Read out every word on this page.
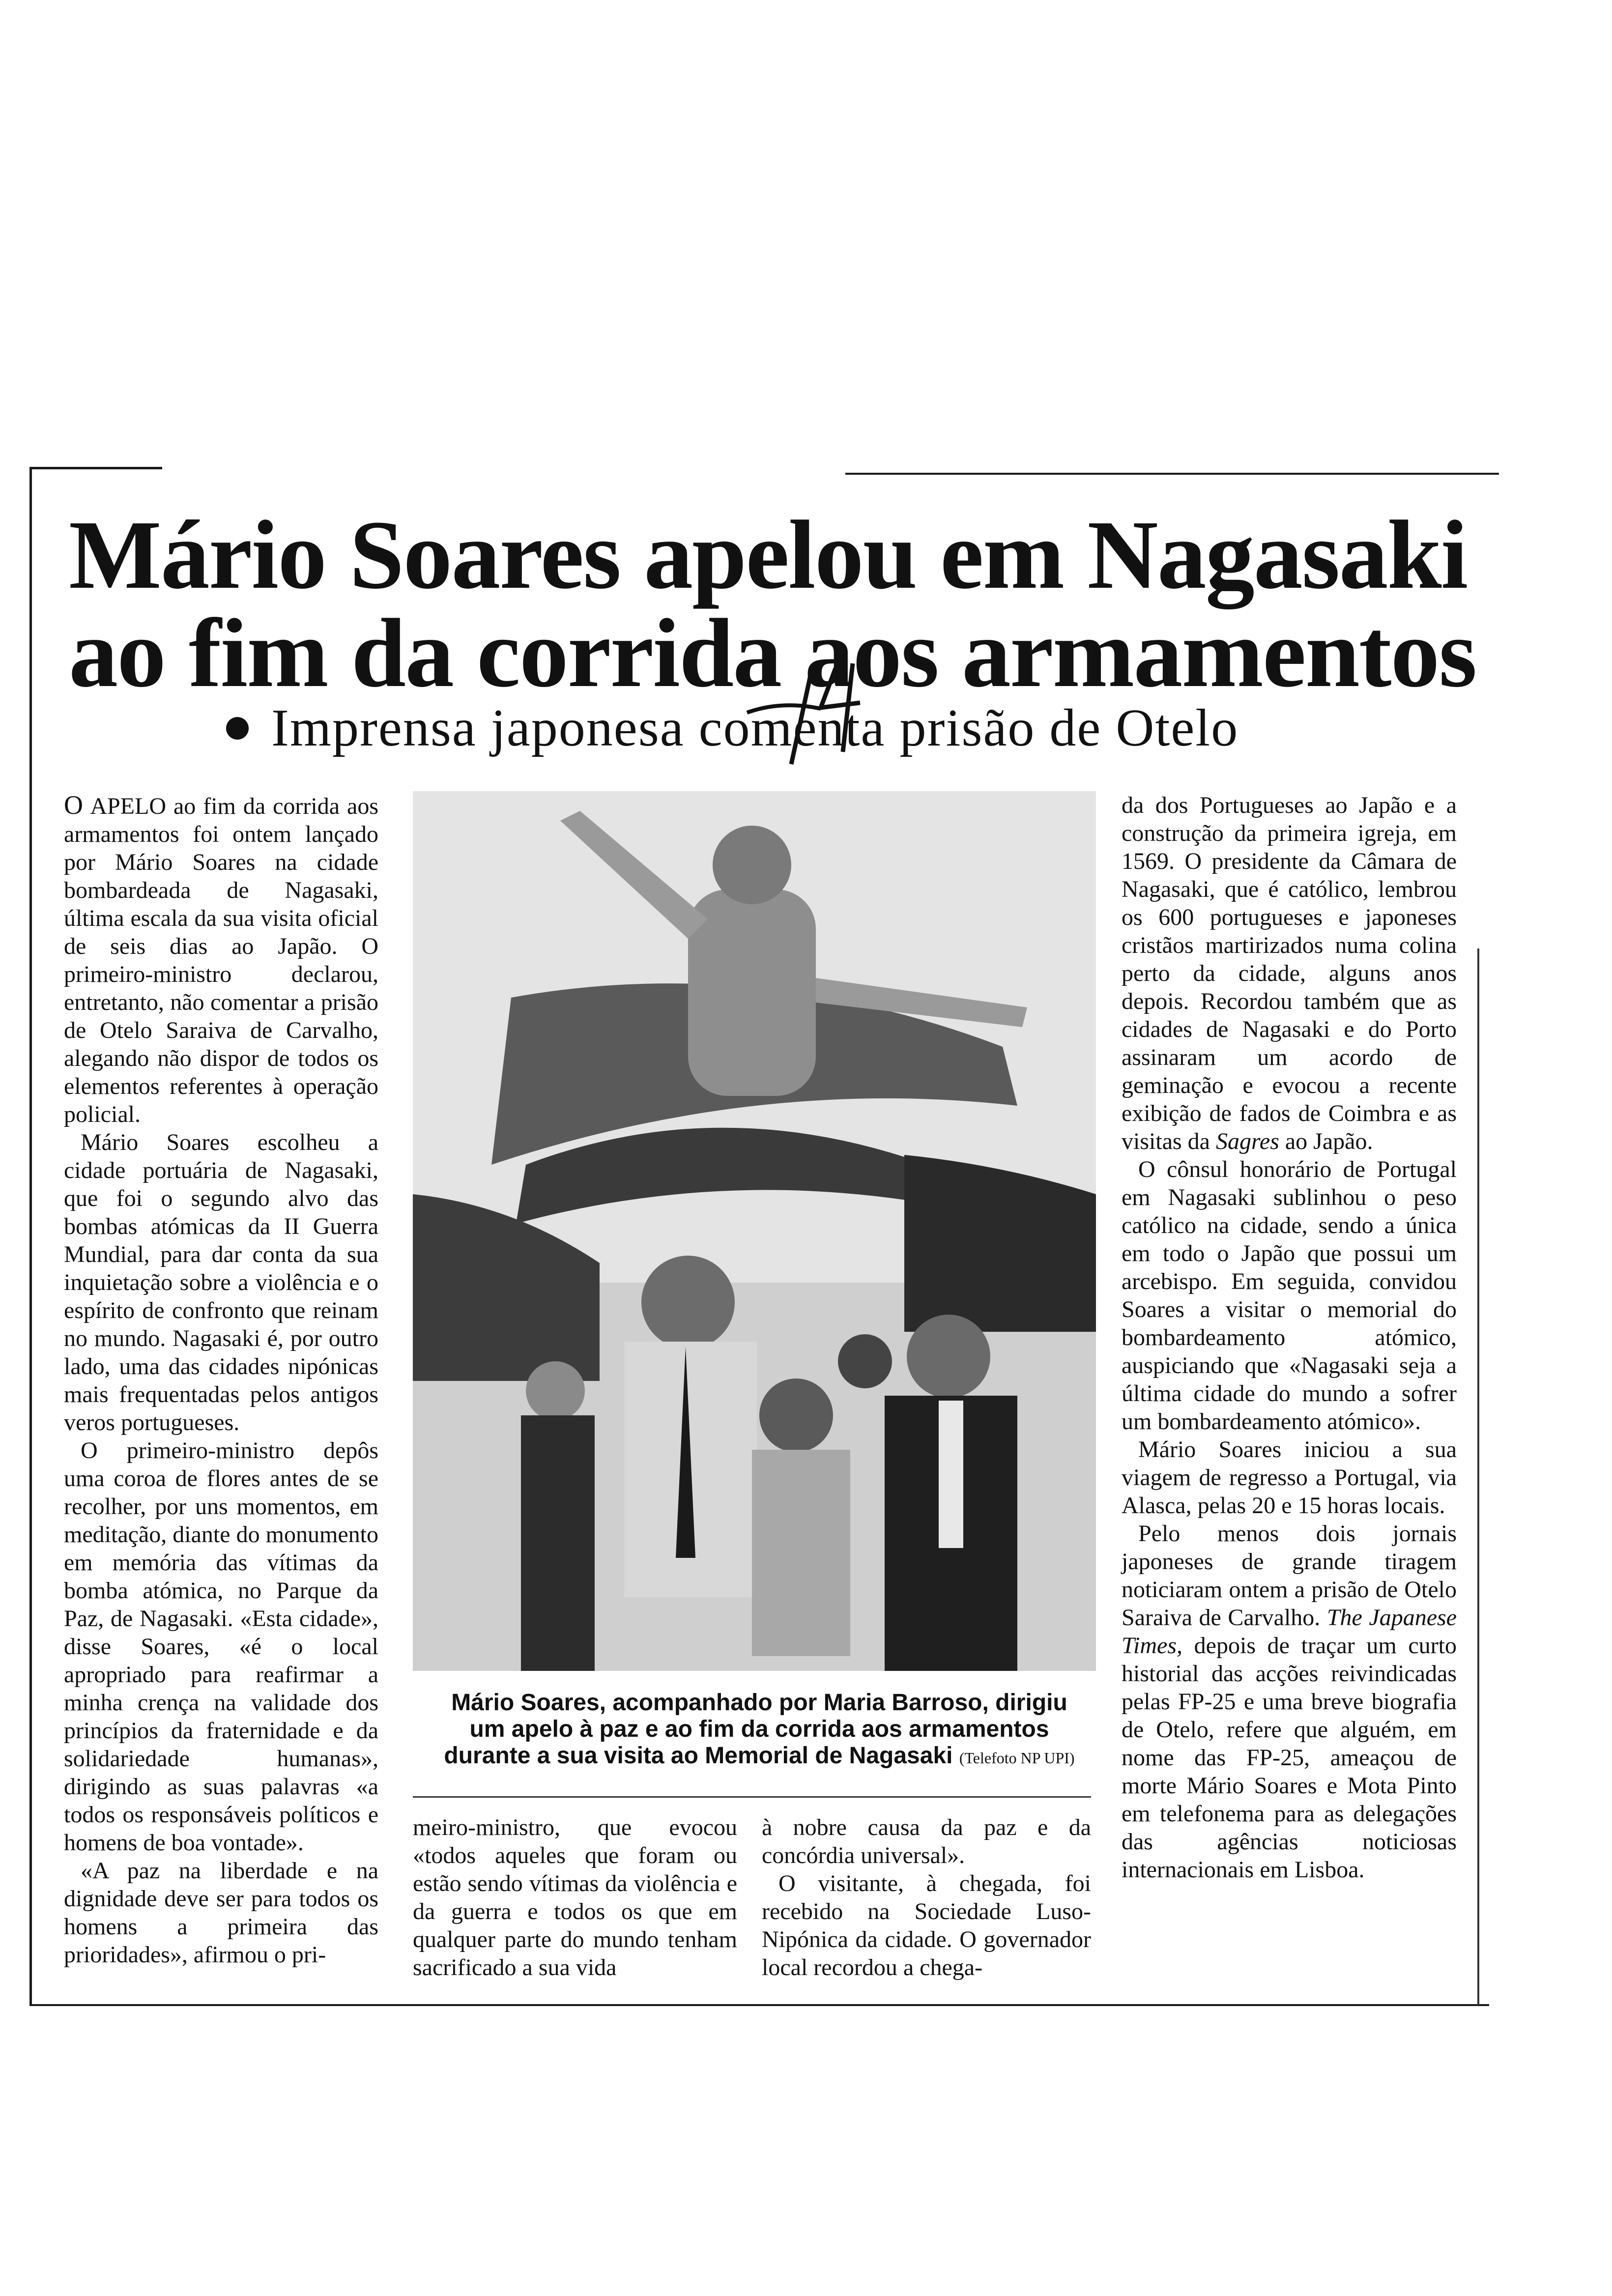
Mário Soares apelou em Nagasaki
ao fim da corrida aos armamentos

Imprensa japonesa comenta prisão de Otelo

O APELO ao fim da corrida aos armamentos foi ontem lançado por Mário Soares na cidade bombardeada de Nagasaki, última escala da sua visita oficial de seis dias ao Japão. O primeiro-ministro declarou, entretanto, não comentar a prisão de Otelo Saraiva de Carvalho, alegando não dispor de todos os elementos referentes à operação policial.

Mário Soares escolheu a cidade portuária de Nagasaki, que foi o segundo alvo das bombas atómicas da II Guerra Mundial, para dar conta da sua inquietação sobre a violência e o espírito de confronto que reinam no mundo. Nagasaki é, por outro lado, uma das cidades nipónicas mais frequentadas pelos antigos veros portugueses.

O primeiro-ministro depôs uma coroa de flores antes de se recolher, por uns momentos, em meditação, diante do monumento em memória das vítimas da bomba atómica, no Parque da Paz, de Nagasaki. «Esta cidade», disse Soares, «é o local apropriado para reafirmar a minha crença na validade dos princípios da fraternidade e da solidariedade humanas», dirigindo as suas palavras «a todos os responsáveis políticos e homens de boa vontade».

«A paz na liberdade e na dignidade deve ser para todos os homens a primeira das prioridades», afirmou o pri-

Mário Soares, acompanhado por Maria Barroso, dirigiu um apelo à paz e ao fim da corrida aos armamentos durante a sua visita ao Memorial de Nagasaki (Telefoto NP UPI)

meiro-ministro, que evocou «todos aqueles que foram ou estão sendo vítimas da violência e da guerra e todos os que em qualquer parte do mundo tenham sacrificado a sua vida

à nobre causa da paz e da concórdia universal».

O visitante, à chegada, foi recebido na Sociedade Luso-Nipónica da cidade. O governador local recordou a chega-

da dos Portugueses ao Japão e a construção da primeira igreja, em 1569. O presidente da Câmara de Nagasaki, que é católico, lembrou os 600 portugueses e japoneses cristãos martirizados numa colina perto da cidade, alguns anos depois. Recordou também que as cidades de Nagasaki e do Porto assinaram um acordo de geminação e evocou a recente exibição de fados de Coimbra e as visitas da Sagres ao Japão.

O cônsul honorário de Portugal em Nagasaki sublinhou o peso católico na cidade, sendo a única em todo o Japão que possui um arcebispo. Em seguida, convidou Soares a visitar o memorial do bombardeamento atómico, auspiciando que «Nagasaki seja a última cidade do mundo a sofrer um bombardeamento atómico».

Mário Soares iniciou a sua viagem de regresso a Portugal, via Alasca, pelas 20 e 15 horas locais.

Pelo menos dois jornais japoneses de grande tiragem noticiaram ontem a prisão de Otelo Saraiva de Carvalho. The Japanese Times, depois de traçar um curto historial das acções reivindicadas pelas FP-25 e uma breve biografia de Otelo, refere que alguém, em nome das FP-25, ameaçou de morte Mário Soares e Mota Pinto em telefonema para as delegações das agências noticiosas internacionais em Lisboa.
